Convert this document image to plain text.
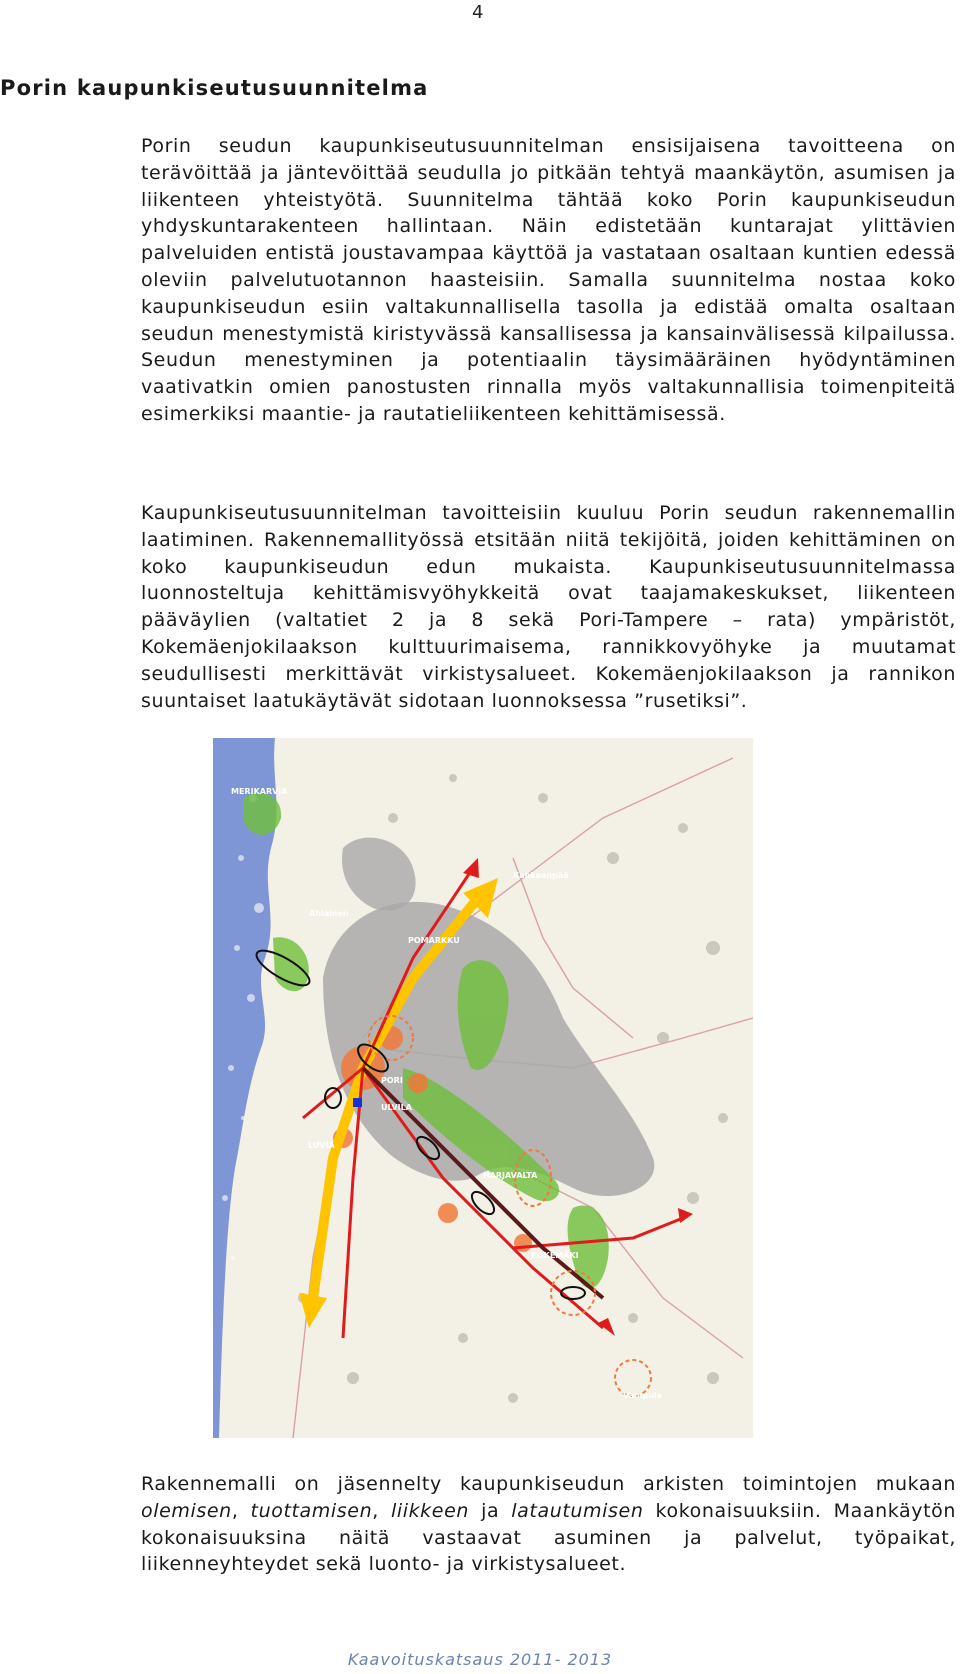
4
Porin kaupunkiseutusuunnitelma

Porin seudun kaupunkiseutusuunnitelman ensisijaisena tavoitteena on terävöittää ja jäntevöittää seudulla jo pitkään tehtyä maankäytön, asumisen ja liikenteen yhteistyötä. Suunnitelma tähtää koko Porin kaupunkiseudun yhdyskuntarakenteen hallintaan. Näin edistetään kuntarajat ylittävien palveluiden entistä joustavampaa käyttöä ja vastataan osaltaan kuntien edessä oleviin palvelutuotannon haasteisiin. Samalla suunnitelma nostaa koko kaupunkiseudun esiin valtakunnallisella tasolla ja edistää omalta osaltaan seudun menestymistä kiristyvässä kansallisessa ja kansainvälisessä kilpailussa. Seudun menestyminen ja potentiaalin täysimääräinen hyödyntäminen vaativatkin omien panostusten rinnalla myös valtakunnallisia toimenpiteitä esimerkiksi maantie- ja rautatieliikenteen kehittämisessä.

Kaupunkiseutusuunnitelman tavoitteisiin kuuluu Porin seudun rakennemallin laatiminen. Rakennemallityössä etsitään niitä tekijöitä, joiden kehittäminen on koko kaupunkiseudun edun mukaista. Kaupunkiseutusuunnitelmassa luonnosteltuja kehittämisvyöhykkeitä ovat taajamakeskukset, liikenteen pääväylien (valtatiet 2 ja 8 sekä Pori-Tampere – rata) ympäristöt, Kokemäenjokilaakson kulttuurimaisema, rannikkovyöhyke ja muutamat seudullisesti merkittävät virkistysalueet. Kokemäenjokilaakson ja rannikon suuntaiset laatukäytävät sidotaan luonnoksessa ”rusetiksi”.

MERIKARVIA
Kankaanpää
Ahlainen
POMARKKU
PORI
ULVILA
LUVIA
HARJAVALTA
KOKEMÄKI
Vampula

Rakennemalli on jäsennelty kaupunkiseudun arkisten toimintojen mukaan olemisen, tuottamisen, liikkeen ja latautumisen kokonaisuuksiin. Maankäytön kokonaisuuksina näitä vastaavat asuminen ja palvelut, työpaikat, liikenneyhteydet sekä luonto- ja virkistysalueet.

Kaavoituskatsaus 2011- 2013
